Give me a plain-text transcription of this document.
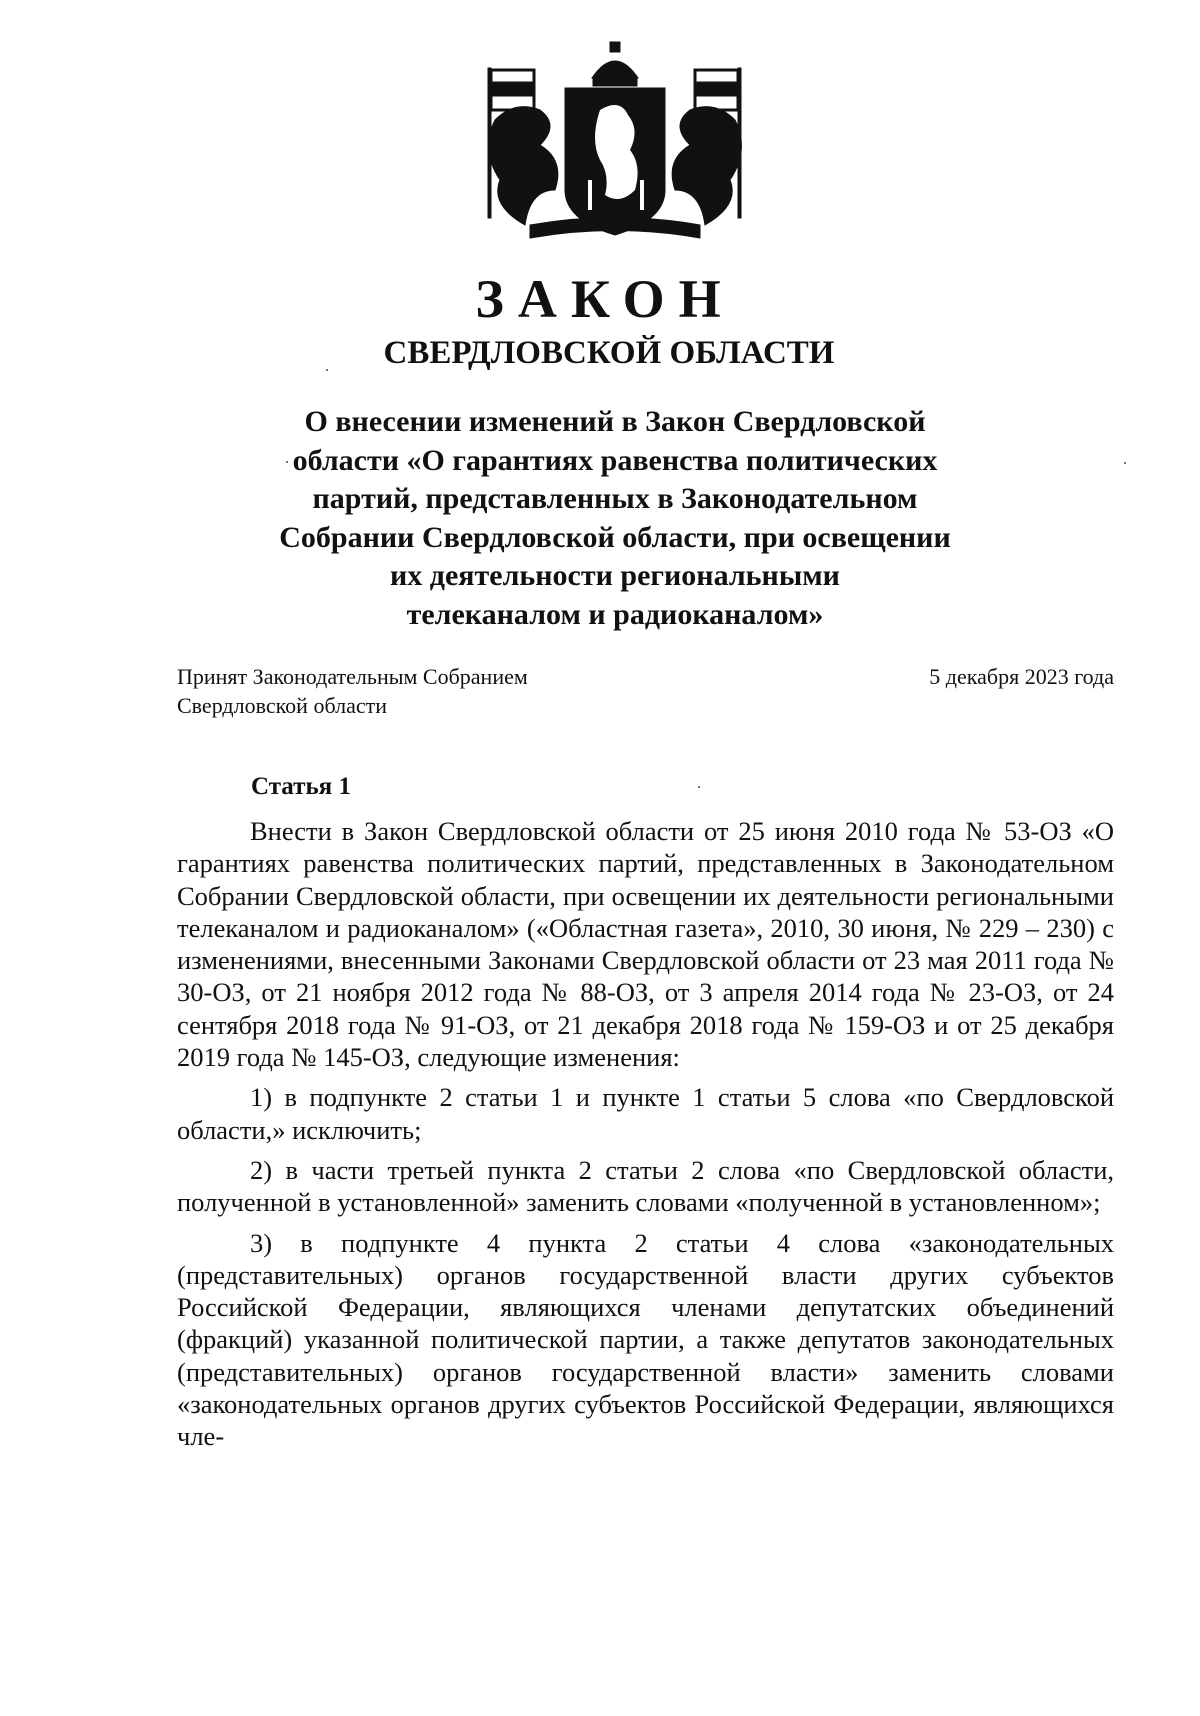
ЗАКОН
СВЕРДЛОВСКОЙ ОБЛАСТИ
О внесении изменений в Закон Свердловской
области «О гарантиях равенства политических
партий, представленных в Законодательном
Собрании Свердловской области, при освещении
их деятельности региональными
телеканалом и радиоканалом»
Принят Законодательным Собранием
Свердловской области
5 декабря 2023 года
Статья 1

Внести в Закон Свердловской области от 25 июня 2010 года № 53-ОЗ «О гарантиях равенства политических партий, представленных в Законодательном Собрании Свердловской области, при освещении их деятельности региональными телеканалом и радиоканалом» («Областная газета», 2010, 30 июня, № 229 – 230) с изменениями, внесенными Законами Свердловской области от 23 мая 2011 года № 30-ОЗ, от 21 ноября 2012 года № 88-ОЗ, от 3 апреля 2014 года № 23-ОЗ, от 24 сентября 2018 года № 91-ОЗ, от 21 декабря 2018 года № 159-ОЗ и от 25 декабря 2019 года № 145-ОЗ, следующие изменения:

1) в подпункте 2 статьи 1 и пункте 1 статьи 5 слова «по Свердловской области,» исключить;

2) в части третьей пункта 2 статьи 2 слова «по Свердловской области, полученной в установленной» заменить словами «полученной в установленном»;

3) в подпункте 4 пункта 2 статьи 4 слова «законодательных (представительных) органов государственной власти других субъектов Российской Федерации, являющихся членами депутатских объединений (фракций) указанной политической партии, а также депутатов законодательных (представительных) органов государственной власти» заменить словами «законодательных органов других субъектов Российской Федерации, являющихся чле-
